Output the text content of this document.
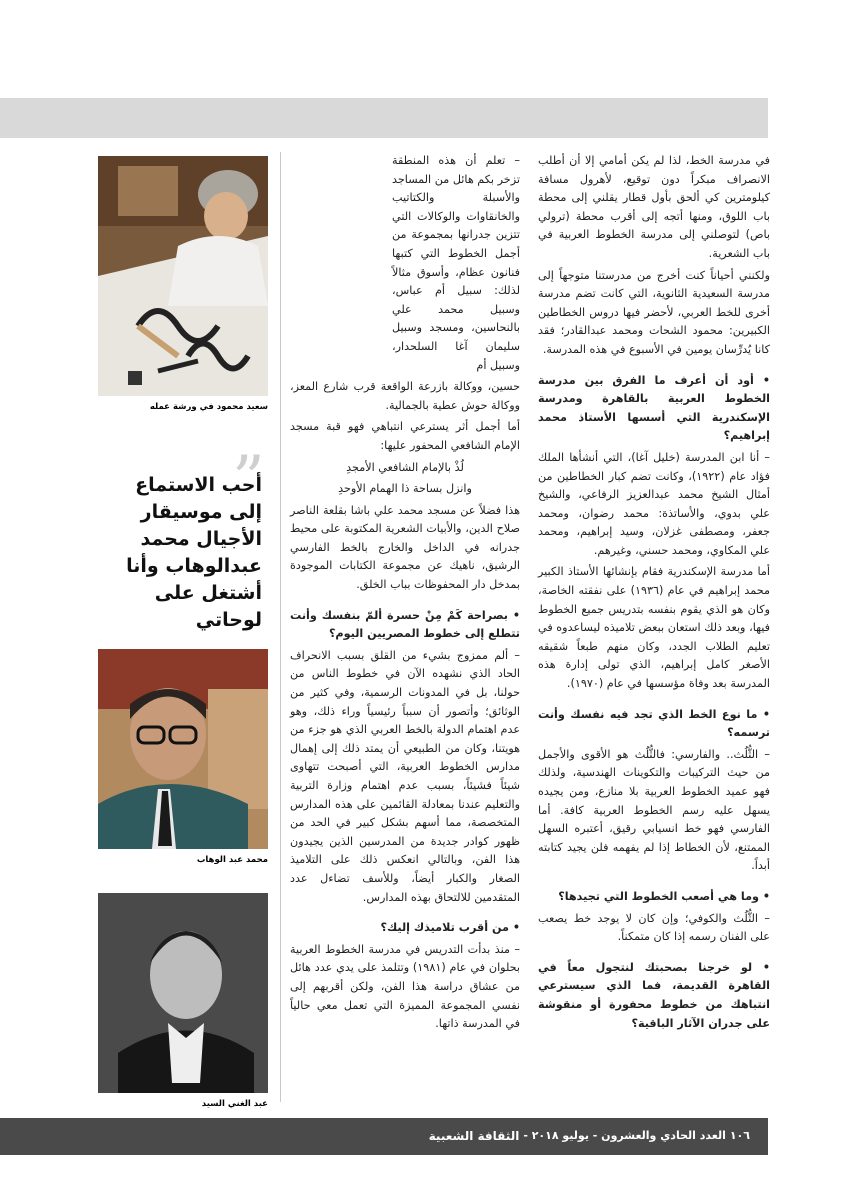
في مدرسة الخط، لذا لم يكن أمامي إلا أن أطلب الانصراف مبكراً دون توقيع، لأهرول مسافة كيلومترين كي ألحق بأول قطار يقلني إلى محطة باب اللوق، ومنها أتجه إلى أقرب محطة (ترولي باص) لتوصلني إلى مدرسة الخطوط العربية في باب الشعرية.

ولكنني أحياناً كنت أخرج من مدرستنا متوجهاً إلى مدرسة السعيدية الثانوية، التي كانت تضم مدرسة أخرى للخط العربي، لأحضر فيها دروس الخطاطين الكبيرين: محمود الشحات ومحمد عبدالقادر؛ فقد كانا يُدرِّسان يومين في الأسبوع في هذه المدرسة.

• أود أن أعرف ما الفرق بين مدرسة الخطوط العربية بالقاهرة ومدرسة الإسكندرية التي أسسها الأستاذ محمد إبراهيم؟

– أنا ابن المدرسة (خليل آغا)، التي أنشأها الملك فؤاد عام (١٩٢٢)، وكانت تضم كبار الخطاطين من أمثال الشيخ محمد عبدالعزيز الرفاعي، والشيخ علي بدوي، والأساتذة: محمد رضوان، ومحمد جعفر، ومصطفى غزلان، وسيد إبراهيم، ومحمد علي المكاوي، ومحمد حسني، وغيرهم.

أما مدرسة الإسكندرية فقام بإنشائها الأستاذ الكبير محمد إبراهيم في عام (١٩٣٦) على نفقته الخاصة، وكان هو الذي يقوم بنفسه بتدريس جميع الخطوط فيها، وبعد ذلك استعان ببعض تلاميذه ليساعدوه في تعليم الطلاب الجدد، وكان منهم طبعاً شقيقه الأصغر كامل إبراهيم، الذي تولى إدارة هذه المدرسة بعد وفاة مؤسسها في عام (١٩٧٠).

• ما نوع الخط الذي تجد فيه نفسك وأنت ترسمه؟

– الثُّلُث.. والفارسي: فالثُّلُث هو الأقوى والأجمل من حيث التركيبات والتكوينات الهندسية، ولذلك فهو عميد الخطوط العربية بلا منازع، ومن يجيده يسهل عليه رسم الخطوط العربية كافة. أما الفارسي فهو خط انسيابي رقيق، أعتبره السهل الممتنع، لأن الخطاط إذا لم يفهمه فلن يجيد كتابته أبداً.

• وما هي أصعب الخطوط التي تجيدها؟

– الثُّلُث والكوفي؛ وإن كان لا يوجد خط يصعب على الفنان رسمه إذا كان متمكناً.

• لو خرجنا بصحبتك لنتجول معاً في القاهرة القديمة، فما الذي سيسترعي انتباهك من خطوط محفورة أو منقوشة على جدران الآثار الباقية؟

– تعلم أن هذه المنطقة تزخر بكم هائل من المساجد والأسبلة والكتاتيب والخانقاوات والوكالات التي تتزين جدرانها بمجموعة من أجمل الخطوط التي كتبها فنانون عظام، وأسوق مثالاً لذلك: سبيل أم عباس، وسبيل محمد علي بالنحاسين، ومسجد وسبيل سليمان آغا السلحدار، وسبيل أم

حسين، ووكالة بازرعة الواقعة قرب شارع المعز، ووكالة حوش عطية بالجمالية.

أما أجمل أثر يسترعي انتباهي فهو قبة مسجد الإمام الشافعي المحفور عليها:

لُذْ بالإمام الشافعي الأمجدِ

وانزل بساحة ذا الهمام الأوحدِ

هذا فضلاً عن مسجد محمد علي باشا بقلعة الناصر صلاح الدين، والأبيات الشعرية المكتوبة على محيط جدرانه في الداخل والخارج بالخط الفارسي الرشيق، ناهيك عن مجموعة الكتابات الموجودة بمدخل دار المحفوظات بباب الخلق.

• بصراحة كَمْ مِنْ حسرة ألمّ بنفسك وأنت تتطلع إلى خطوط المصريين اليوم؟

– ألم ممزوج بشيء من القلق بسبب الانحراف الحاد الذي نشهده الآن في خطوط الناس من حولنا، بل في المدونات الرسمية، وفي كثير من الوثائق؛ وأتصور أن سبباً رئيسياً وراء ذلك، وهو عدم اهتمام الدولة بالخط العربي الذي هو جزء من هويتنا، وكان من الطبيعي أن يمتد ذلك إلى إهمال مدارس الخطوط العربية، التي أصبحت تتهاوى شيئاً فشيئاً، بسبب عدم اهتمام وزارة التربية والتعليم عندنا بمعادلة القائمين على هذه المدارس المتخصصة، مما أسهم بشكل كبير في الحد من ظهور كوادر جديدة من المدرسين الذين يجيدون هذا الفن، وبالتالي انعكس ذلك على التلاميذ الصغار والكبار أيضاً، وللأسف تضاءل عدد المتقدمين للالتحاق بهذه المدارس.

• من أقرب تلاميذك إليك؟

– منذ بدأت التدريس في مدرسة الخطوط العربية بحلوان في عام (١٩٨١) وتتلمذ على يدي عدد هائل من عشاق دراسة هذا الفن، ولكن أقربهم إلى نفسي المجموعة المميزة التي تعمل معي حالياً في المدرسة ذاتها.

سعيد محمود في ورشة عمله
”
أحب الاستماع إلى موسيقار الأجيال محمد عبدالوهاب وأنا أشتغل على لوحاتي
محمد عبد الوهاب
عبد الغني السيد
١٠٦
العدد الحادي والعشرون - يوليو ٢٠١٨ -
الثقافة الشعبية
